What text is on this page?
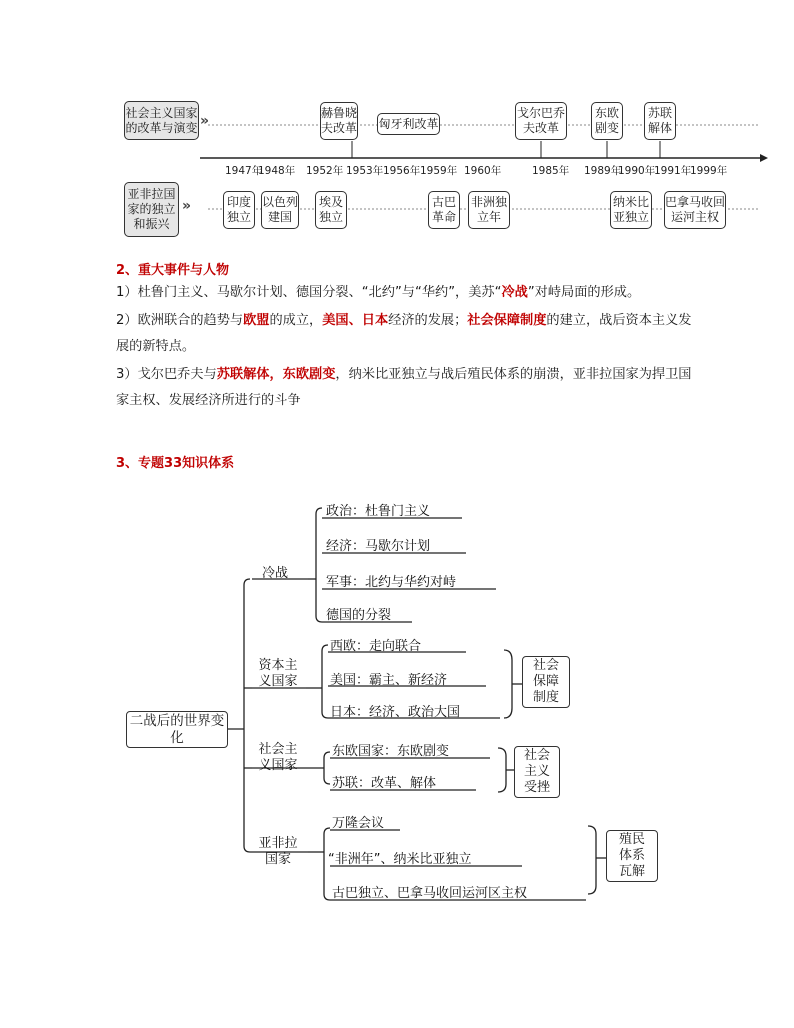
社会主义国家的改革与演变 »
亚非拉国家的独立和振兴
»
赫鲁晓夫改革 匈牙利改革
戈尔巴乔夫改革
东欧剧变
苏联解体
1947年
1948年 1952年 1953年 1956年 1959年 1960年	1985年 1989年
1990年
1991年
1999年
印度独立
以色列建国
埃及独立
古巴革命
非洲独立年
纳米比亚独立
巴拿马收回运河主权
2、重大事件与人物
1）杜鲁门主义、马歇尔计划、德国分裂、“北约”与“华约”，美苏“冷战”对峙局面的形成。
2）欧洲联合的趋势与欧盟的成立，美国、日本经济的发展；社会保障制度的建立，战后资本主义发展的新特点。
3）戈尔巴乔夫与苏联解体，东欧剧变，纳米比亚独立与战后殖民体系的崩溃，亚非拉国家为捍卫国家主权、发展经济所进行的斗争
3、专题33知识体系
二战后的世界变化
冷战
政治：杜鲁门主义
经济：马歇尔计划
军事：北约与华约对峙
德国的分裂
资本主义国家
西欧：走向联合
美国：霸主、新经济
日本：经济、政治大国
社会保障制度
社会主义国家
东欧国家：东欧剧变
苏联：改革、解体
社会主义受挫
亚非拉国家
万隆会议
“非洲年”、纳米比亚独立
古巴独立、巴拿马收回运河区主权
殖民体系瓦解
